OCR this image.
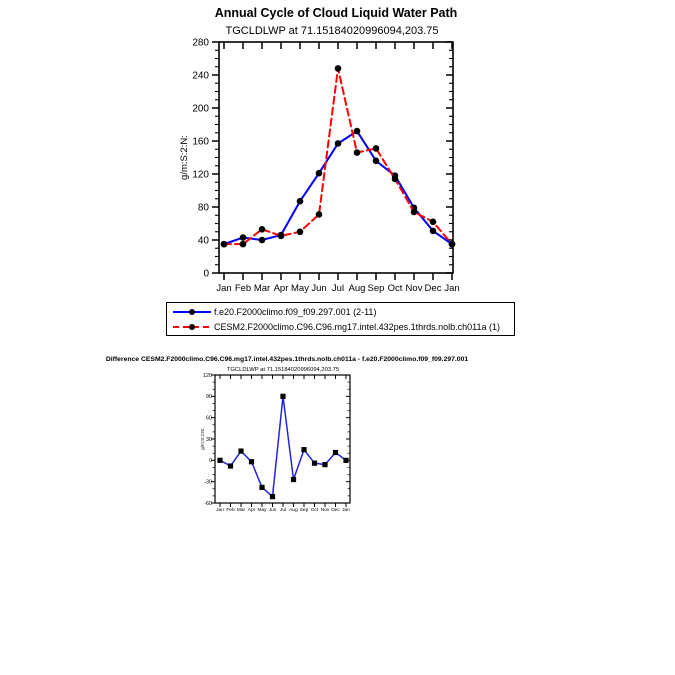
Annual Cycle of Cloud Liquid Water Path
TGCLDLWP at 71.15184020996094,203.75
0
40
80
120
160
200
240
280
Jan Feb Mar Apr May Jun Jul Aug Sep Oct Nov Dec Jan
g/m:S:2:N:
Difference CESM2.F2000climo.C96.C96.mg17.intel.432pes.1thrds.nolb.ch011a - f.e20.F2000climo.f09_f09.297.001
TGCLDLWP at 71.15184020996094,203.75
-60
-30
0
30
60
90
120
Jan Feb Mar Apr May Jun Jul Aug Sep Oct Nov Dec Jan
g/m:S:2:N:
f.e20.F2000climo.f09_f09.297.001 (2-11)
CESM2.F2000climo.C96.C96.mg17.intel.432pes.1thrds.nolb.ch011a (1)
